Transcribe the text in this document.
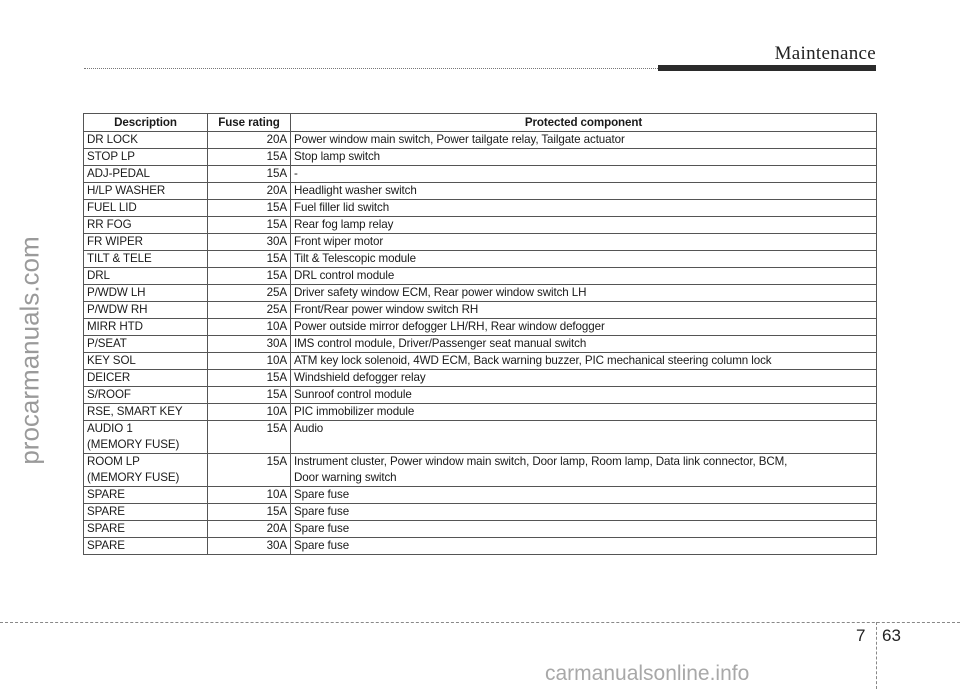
Maintenance
procarmanuals.com
Description	Fuse rating	Protected component

DR LOCK	20A	Power window main switch, Power tailgate relay, Tailgate actuator

STOP LP	15A	Stop lamp switch

ADJ-PEDAL	15A	-

H/LP WASHER	20A	Headlight washer switch

FUEL LID	15A	Fuel filler lid switch

RR FOG	15A	Rear fog lamp relay

FR WIPER	30A	Front wiper motor

TILT & TELE	15A	Tilt & Telescopic module

DRL	15A	DRL control module

P/WDW LH	25A	Driver safety window ECM, Rear power window switch LH

P/WDW RH	25A	Front/Rear power window switch RH

MIRR HTD	10A	Power outside mirror defogger LH/RH, Rear window defogger

P/SEAT	30A	IMS control module, Driver/Passenger seat manual switch

KEY SOL	10A	ATM key lock solenoid, 4WD ECM, Back warning buzzer, PIC mechanical steering column lock

DEICER	15A	Windshield defogger relay

S/ROOF	15A	Sunroof control module

RSE, SMART KEY	10A	PIC immobilizer module

AUDIO 1
(MEMORY FUSE)	15A	Audio

ROOM LP
(MEMORY FUSE)	15A	Instrument cluster, Power window main switch, Door lamp, Room lamp, Data link connector, BCM,
Door warning switch

SPARE	10A	Spare fuse

SPARE	15A	Spare fuse

SPARE	20A	Spare fuse

SPARE	30A	Spare fuse
7 63
carmanualsonline.info
